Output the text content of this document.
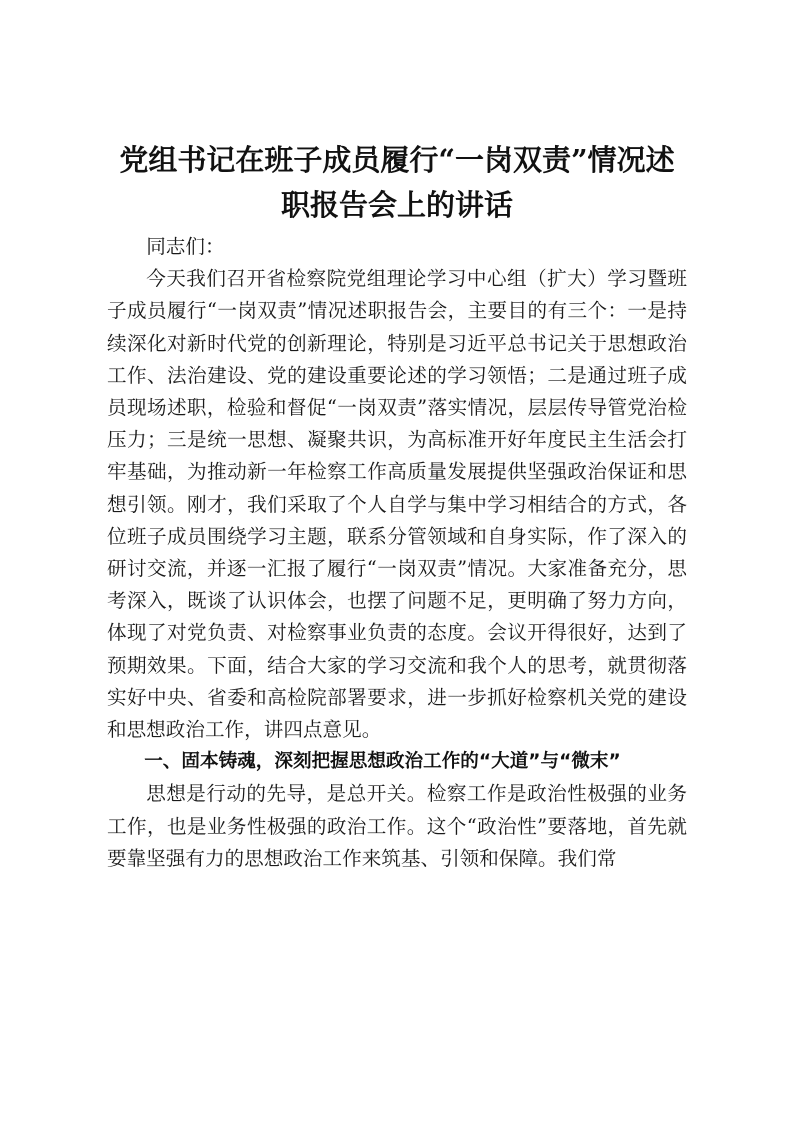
党组书记在班子成员履行“一岗双责”情况述职报告会上的讲话

同志们：

今天我们召开省检察院党组理论学习中心组（扩大）学习暨班子成员履行“一岗双责”情况述职报告会，主要目的有三个：一是持续深化对新时代党的创新理论，特别是习近平总书记关于思想政治工作、法治建设、党的建设重要论述的学习领悟；二是通过班子成员现场述职，检验和督促“一岗双责”落实情况，层层传导管党治检压力；三是统一思想、凝聚共识，为高标准开好年度民主生活会打牢基础，为推动新一年检察工作高质量发展提供坚强政治保证和思想引领。刚才，我们采取了个人自学与集中学习相结合的方式，各位班子成员围绕学习主题，联系分管领域和自身实际，作了深入的研讨交流，并逐一汇报了履行“一岗双责”情况。大家准备充分，思考深入，既谈了认识体会，也摆了问题不足，更明确了努力方向，体现了对党负责、对检察事业负责的态度。会议开得很好，达到了预期效果。下面，结合大家的学习交流和我个人的思考，就贯彻落实好中央、省委和高检院部署要求，进一步抓好检察机关党的建设和思想政治工作，讲四点意见。

一、固本铸魂，深刻把握思想政治工作的“大道”与“微末”

思想是行动的先导，是总开关。检察工作是政治性极强的业务工作，也是业务性极强的政治工作。这个“政治性”要落地，首先就要靠坚强有力的思想政治工作来筑基、引领和保障。我们常
